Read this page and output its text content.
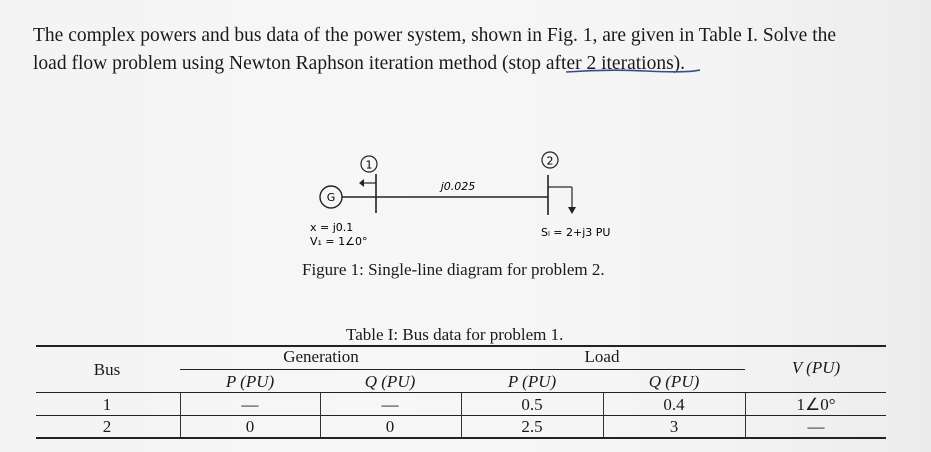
The complex powers and bus data of the power system, shown in Fig. 1, are given in Table I. Solve the
load flow problem using Newton Raphson iteration method (stop after 2 iterations).
1	2
G
j0.025
x = j0.1
V₁ = 1∠0°
Sₗ = 2+j3 PU
Figure 1: Single-line diagram for problem 2.
Table I: Bus data for problem 1.
Bus
Generation	Load
V (PU)
P (PU)	Q (PU)	P (PU)	Q (PU)
1	—	—	0.5	0.4	1∠0°
2	0	0	2.5	3	—
